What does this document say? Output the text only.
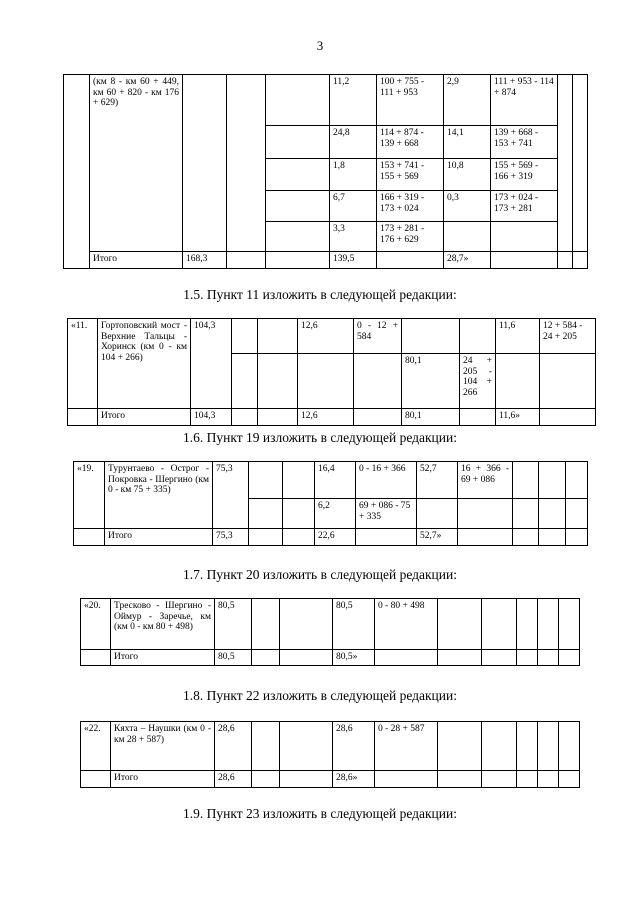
3
	(км 8 - км 60 + 449, км 60 + 820 - км 176 + 629)				11,2	100 + 755 - 111 + 953	2,9	111 + 953 - 114 + 874		
					24,8	114 + 874 - 139 + 668	14,1	139 + 668 - 153 + 741		
					1,8	153 + 741 - 155 + 569	10,8	155 + 569 - 166 + 319		
					6,7	166 + 319 - 173 + 024	0,3	173 + 024 - 173 + 281		
					3,3	173 + 281 - 176 + 629				
	Итого	168,3			139,5		28,7»			
1.5. Пункт 11 изложить в следующей редакции:
«11.	Гортоповский мост - Верхние Тальцы - Хоринск (км 0 - км 104 + 266)	104,3			12,6	0 - 12 + 584			11,6	12 + 584 - 24 + 205
							80,1	24 + 205 - 104 + 266		
	Итого	104,3			12,6		80,1		11,6»	
1.6. Пункт 19 изложить в следующей редакции:
«19.	Турунтаево - Острог - Покровка - Шергино (км 0 - км 75 + 335)	75,3			16,4	0 - 16 + 366	52,7	16 + 366 - 69 + 086			
					6,2	69 + 086 - 75 + 335					
	Итого	75,3			22,6		52,7»				
1.7. Пункт 20 изложить в следующей редакции:
«20.	Тресково - Шергино - Оймур - Заречье, км (км 0 - км 80 + 498)	80,5			80,5	0 - 80 + 498					
	Итого	80,5			80,5»						
1.8. Пункт 22 изложить в следующей редакции:
«22.	Кяхта – Наушки (км 0 - км 28 + 587)	28,6			28,6	0 - 28 + 587					
	Итого	28,6			28,6»						
1.9. Пункт 23 изложить в следующей редакции:
